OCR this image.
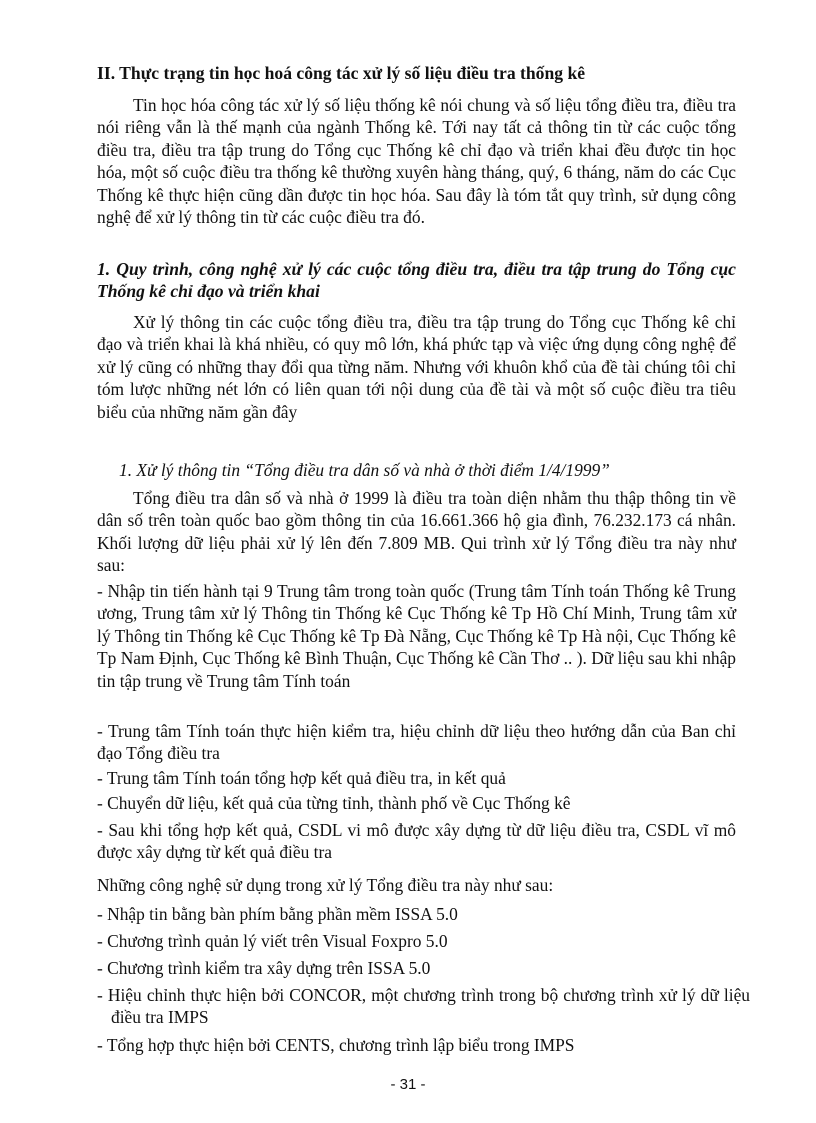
II. Thực trạng tin học hoá công tác xử lý số liệu điều tra thống kê

Tin học hóa công tác xử lý số liệu thống kê nói chung và số liệu tổng điều tra, điều tra nói riêng vẫn là thế mạnh của ngành Thống kê. Tới nay tất cả thông tin từ các cuộc tổng điều tra, điều tra tập trung do Tổng cục Thống kê chỉ đạo và triển khai đều được tin học hóa, một số cuộc điều tra thống kê thường xuyên hàng tháng, quý, 6 tháng, năm do các Cục Thống kê thực hiện cũng dần được tin học hóa. Sau đây là tóm tắt quy trình, sử dụng công nghệ để xử lý thông tin từ các cuộc điều tra đó.

1. Quy trình, công nghệ xử lý các cuộc tổng điều tra, điều tra tập trung do Tổng cục Thống kê chỉ đạo và triển khai

Xử lý thông tin các cuộc tổng điều tra, điều tra tập trung do Tổng cục Thống kê chỉ đạo và triển khai là khá nhiều, có quy mô lớn, khá phức tạp và việc ứng dụng công nghệ để xử lý cũng có những thay đổi qua từng năm. Nhưng với khuôn khổ của đề tài chúng tôi chỉ tóm lược những nét lớn có liên quan tới nội dung của đề tài và một số cuộc điều tra tiêu biểu của những năm gần đây

1. Xử lý thông tin “Tổng điều tra dân số và nhà ở thời điểm 1/4/1999”

Tổng điều tra dân số và nhà ở 1999 là điều tra toàn diện nhằm thu thập thông tin về dân số trên toàn quốc bao gồm thông tin của 16.661.366 hộ gia đình, 76.232.173 cá nhân. Khối lượng dữ liệu phải xử lý lên đến 7.809 MB. Qui trình xử lý Tổng điều tra này như sau:

- Nhập tin tiến hành tại 9 Trung tâm trong toàn quốc (Trung tâm Tính toán Thống kê Trung ương, Trung tâm xử lý Thông tin Thống kê Cục Thống kê Tp Hồ Chí Minh, Trung tâm xử lý Thông tin Thống kê Cục Thống kê Tp Đà Nẵng, Cục Thống kê Tp Hà nội, Cục Thống kê Tp Nam Định, Cục Thống kê Bình Thuận, Cục Thống kê Cần Thơ .. ). Dữ liệu sau khi nhập tin tập trung về Trung tâm Tính toán

- Trung tâm Tính toán thực hiện kiểm tra, hiệu chỉnh dữ liệu theo hướng dẫn của Ban chỉ đạo Tổng điều tra

- Trung tâm Tính toán tổng hợp kết quả điều tra, in kết quả

- Chuyển dữ liệu, kết quả của từng tỉnh, thành phố về Cục Thống kê

- Sau khi tổng hợp kết quả, CSDL vi mô được xây dựng từ dữ liệu điều tra, CSDL vĩ mô được xây dựng từ kết quả điều tra

Những công nghệ sử dụng trong xử lý Tổng điều tra này như sau:

- Nhập tin bằng bàn phím bằng phần mềm ISSA 5.0

- Chương trình quản lý viết trên Visual Foxpro 5.0

- Chương trình kiểm tra xây dựng trên ISSA 5.0

- Hiệu chỉnh thực hiện bởi CONCOR, một chương trình trong bộ chương trình xử lý dữ liệu điều tra IMPS

- Tổng hợp thực hiện bởi CENTS, chương trình lập biểu trong IMPS

- 31 -
